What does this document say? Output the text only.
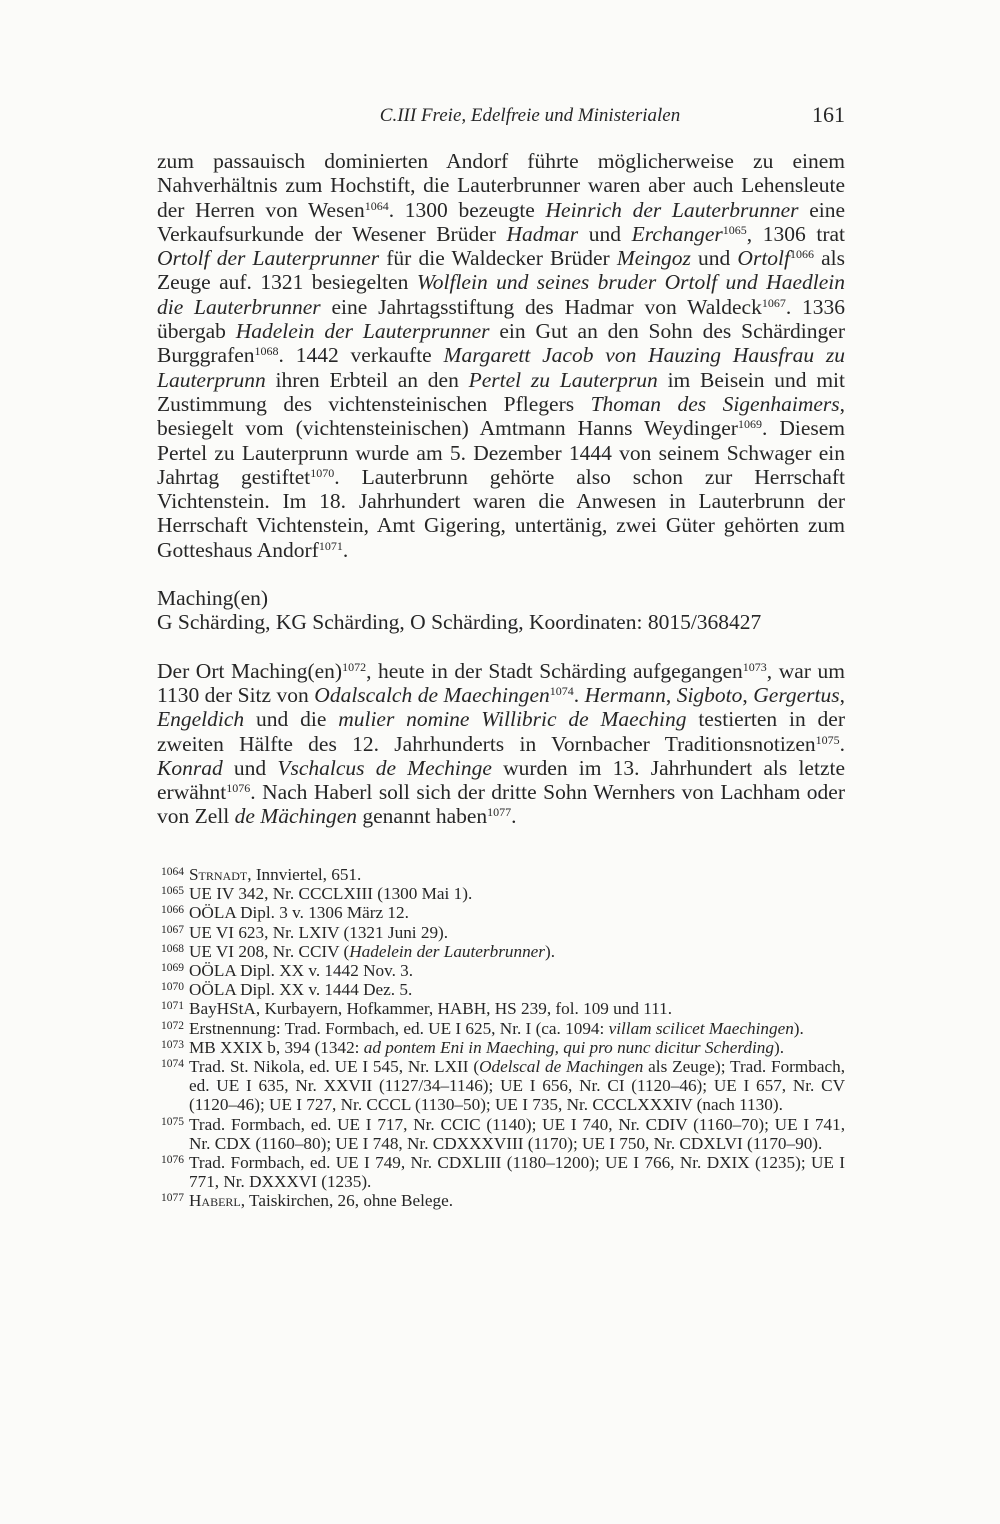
C.III Freie, Edelfreie und Ministerialen	161

zum passauisch dominierten Andorf führte möglicherweise zu einem Nahverhältnis zum Hochstift, die Lauterbrunner waren aber auch Lehensleute der Herren von Wesen$^{1064}$. 1300 bezeugte Heinrich der Lauterbrunner eine Verkaufsurkunde der Wesener Brüder Hadmar und Erchanger$^{1065}$, 1306 trat Ortolf der Lauterprunner für die Waldecker Brüder Meingoz und Ortolf$^{1066}$ als Zeuge auf. 1321 besiegelten Wolflein und seines bruder Ortolf und Haedlein die Lauterbrunner eine Jahrtagsstiftung des Hadmar von Waldeck$^{1067}$. 1336 übergab Hadelein der Lauterprunner ein Gut an den Sohn des Schärdinger Burggrafen$^{1068}$. 1442 verkaufte Margarett Jacob von Hauzing Hausfrau zu Lauterprunn ihren Erbteil an den Pertel zu Lauterprun im Beisein und mit Zustimmung des vichtensteinischen Pflegers Thoman des Sigenhaimers, besiegelt vom (vichtensteinischen) Amtmann Hanns Weydinger$^{1069}$. Diesem Pertel zu Lauterprunn wurde am 5. Dezember 1444 von seinem Schwager ein Jahrtag gestiftet$^{1070}$. Lauterbrunn gehörte also schon zur Herrschaft Vichtenstein. Im 18. Jahrhundert waren die Anwesen in Lauterbrunn der Herrschaft Vichtenstein, Amt Gigering, untertänig, zwei Güter gehörten zum Gotteshaus Andorf$^{1071}$.

Maching(en)
G Schärding, KG Schärding, O Schärding, Koordinaten: 8015/368427

Der Ort Maching(en)$^{1072}$, heute in der Stadt Schärding aufgegangen$^{1073}$, war um 1130 der Sitz von Odalscalch de Maechingen$^{1074}$. Hermann, Sigboto, Gergertus, Engeldich und die mulier nomine Willibric de Maeching testierten in der zweiten Hälfte des 12. Jahrhunderts in Vornbacher Traditionsnotizen$^{1075}$. Konrad und Vschalcus de Mechinge wurden im 13. Jahrhundert als letzte erwähnt$^{1076}$. Nach Haberl soll sich der dritte Sohn Wernhers von Lachham oder von Zell de Mächingen genannt haben$^{1077}$.

1064 Strnadt, Innviertel, 651.

1065 UE IV 342, Nr. CCCLXIII (1300 Mai 1).

1066 OÖLA Dipl. 3 v. 1306 März 12.

1067 UE VI 623, Nr. LXIV (1321 Juni 29).

1068 UE VI 208, Nr. CCIV (Hadelein der Lauterbrunner).

1069 OÖLA Dipl. XX v. 1442 Nov. 3.

1070 OÖLA Dipl. XX v. 1444 Dez. 5.

1071 BayHStA, Kurbayern, Hofkammer, HABH, HS 239, fol. 109 und 111.

1072 Erstnennung: Trad. Formbach, ed. UE I 625, Nr. I (ca. 1094: villam scilicet Maechingen).

1073 MB XXIX b, 394 (1342: ad pontem Eni in Maeching, qui pro nunc dicitur Scherding).

1074 Trad. St. Nikola, ed. UE I 545, Nr. LXII (Odelscal de Machingen als Zeuge); Trad. Formbach, ed. UE I 635, Nr. XXVII (1127/34–1146); UE I 656, Nr. CI (1120–46); UE I 657, Nr. CV (1120–46); UE I 727, Nr. CCCL (1130–50); UE I 735, Nr. CCCLXXXIV (nach 1130).

1075 Trad. Formbach, ed. UE I 717, Nr. CCIC (1140); UE I 740, Nr. CDIV (1160–70); UE I 741, Nr. CDX (1160–80); UE I 748, Nr. CDXXXVIII (1170); UE I 750, Nr. CDXLVI (1170–90).

1076 Trad. Formbach, ed. UE I 749, Nr. CDXLIII (1180–1200); UE I 766, Nr. DXIX (1235); UE I 771, Nr. DXXXVI (1235).

1077 Haberl, Taiskirchen, 26, ohne Belege.
